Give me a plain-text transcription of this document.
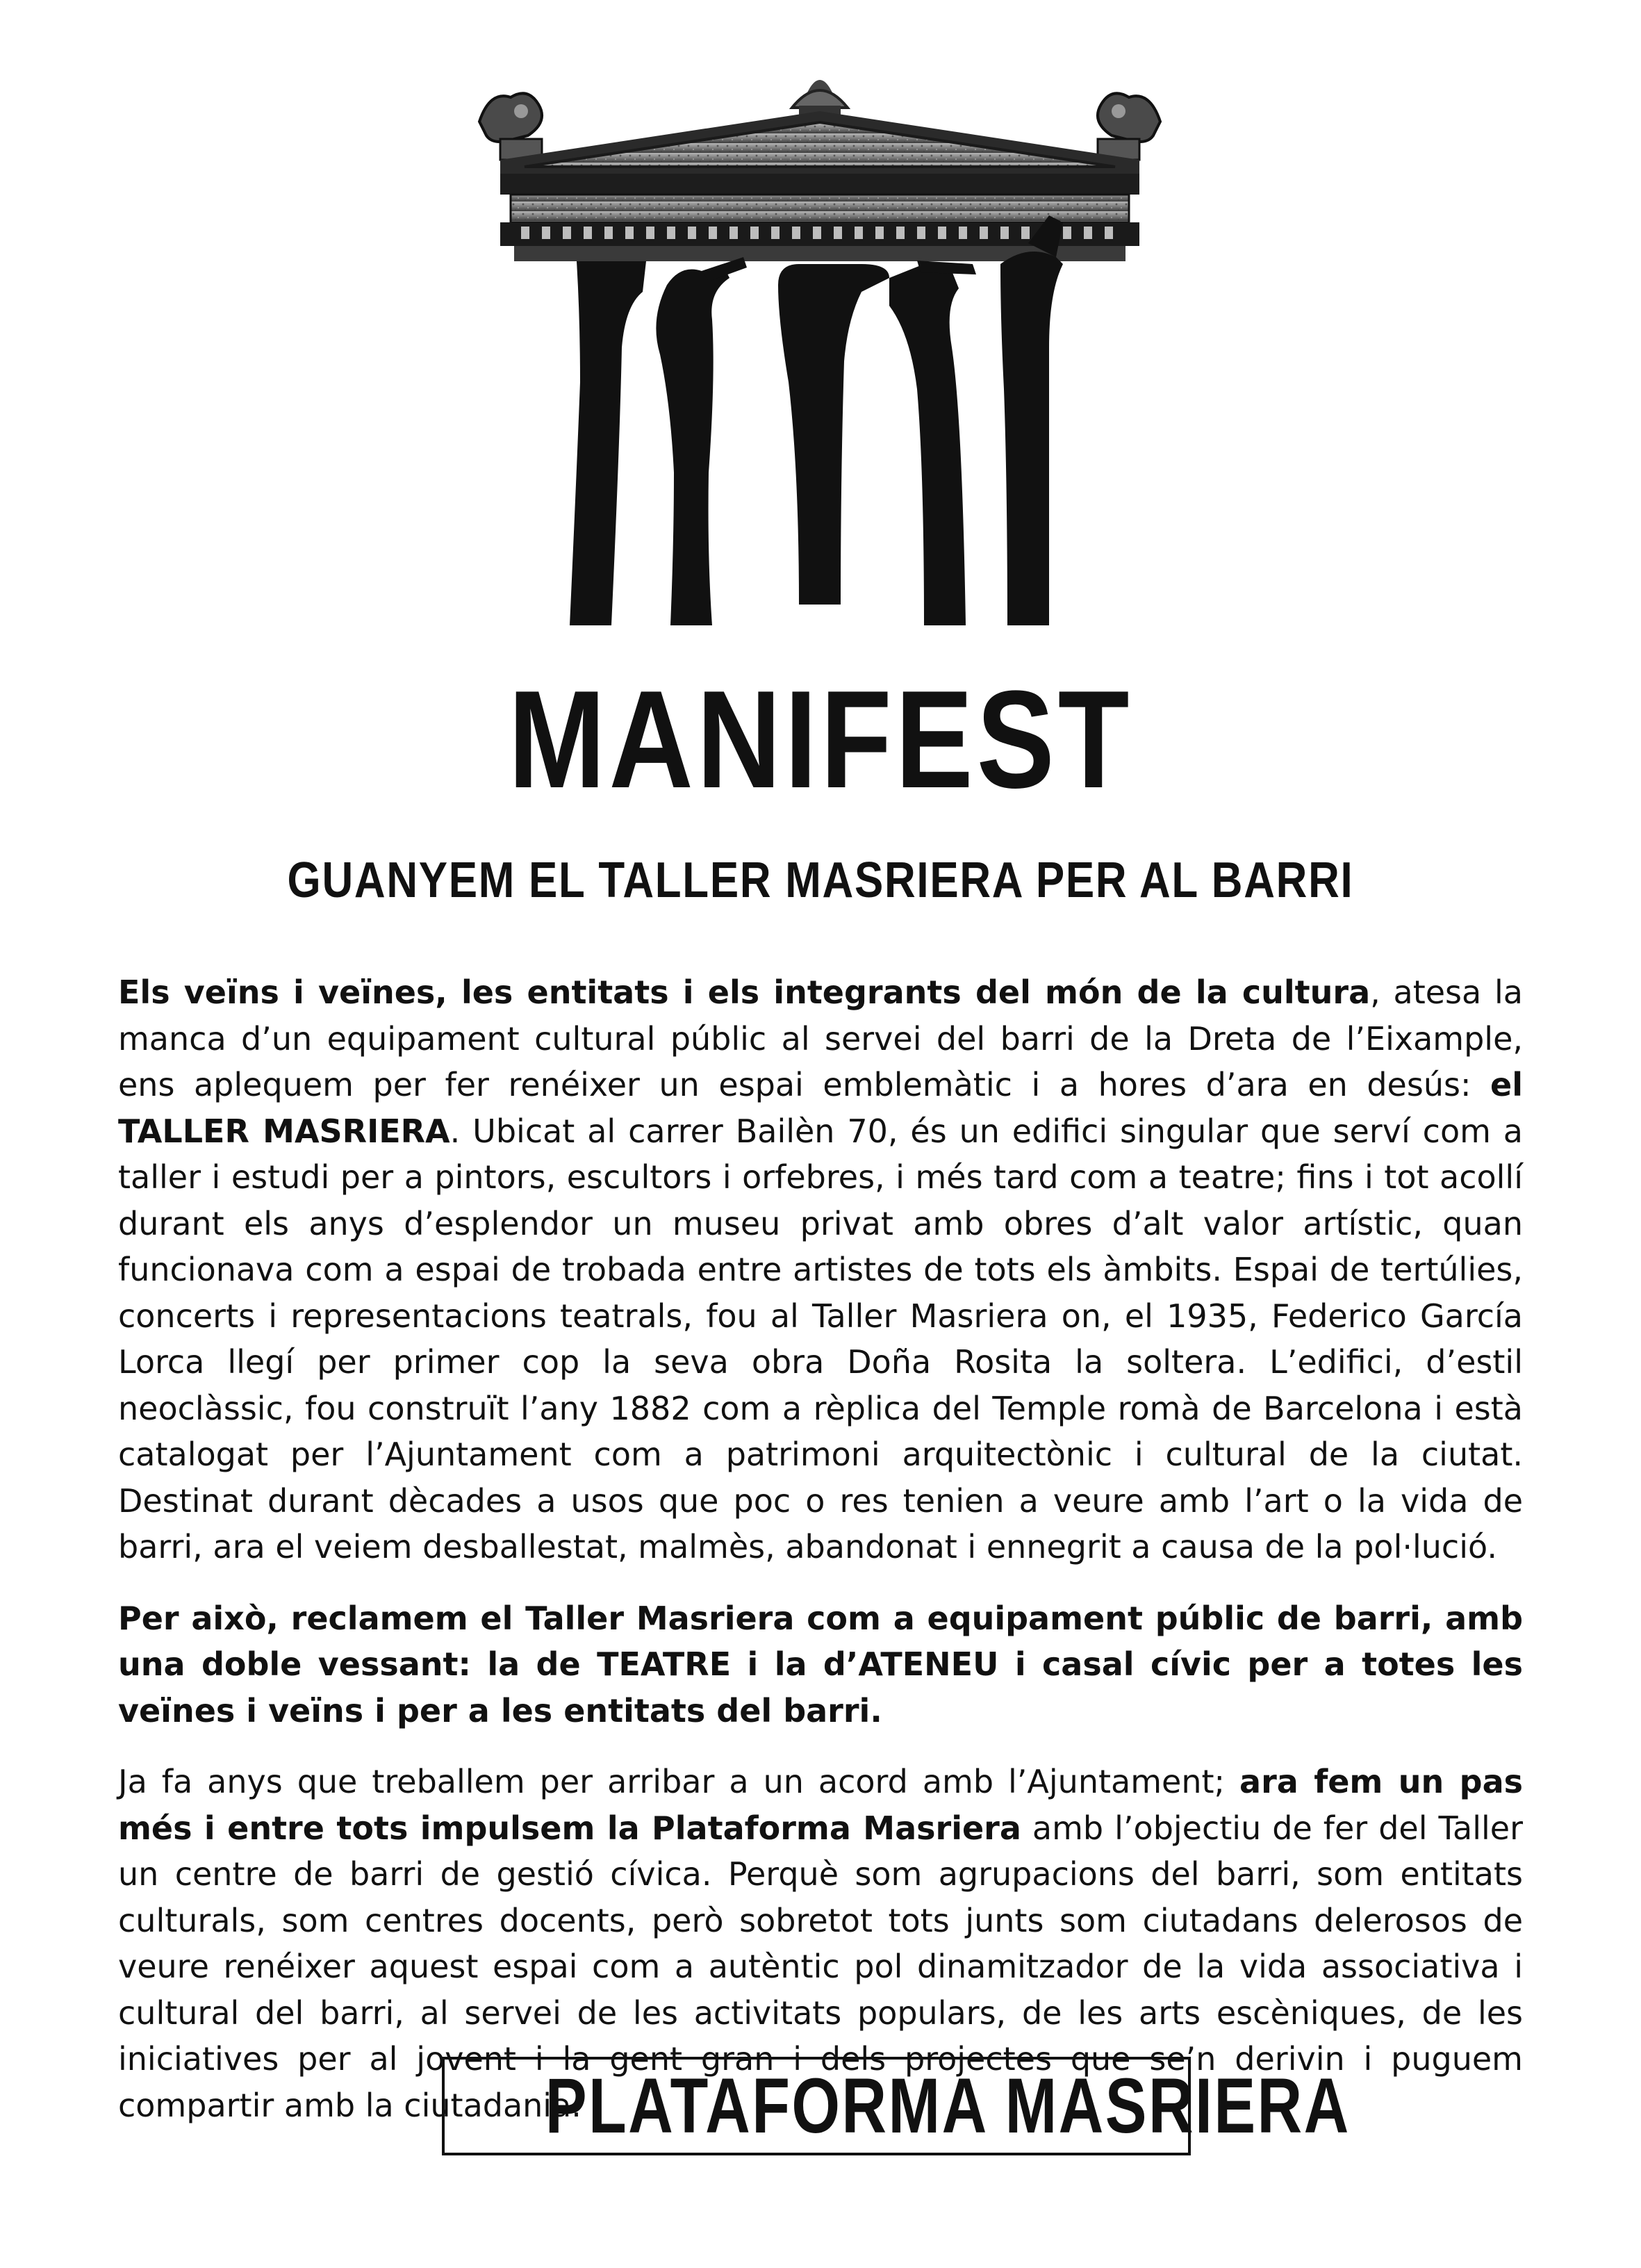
MANIFEST
GUANYEM EL TALLER MASRIERA PER AL BARRI

Els veïns i veïnes, les entitats i els integrants del món de la cultura, atesa la manca d’un equipament cultural públic al servei del barri de la Dreta de l’Eixample, ens aplequem per fer renéixer un espai emblemàtic i a hores d’ara en desús: el TALLER MASRIERA. Ubicat al carrer Bailèn 70, és un edifici singular que serví com a taller i estudi per a pintors, escultors i orfebres, i més tard com a teatre; fins i tot acollí durant els anys d’esplendor un museu privat amb obres d’alt valor artístic, quan funcionava com a espai de trobada entre artistes de tots els àmbits. Espai de tertúlies, concerts i representacions teatrals, fou al Taller Masriera on, el 1935, Federico García Lorca llegí per primer cop la seva obra Doña Rosita la soltera. L’edifici, d’estil neoclàssic, fou construït l’any 1882 com a rèplica del Temple romà de Barcelona i està catalogat per l’Ajuntament com a patrimoni arquitectònic i cultural de la ciutat. Destinat durant dècades a usos que poc o res tenien a veure amb l’art o la vida de barri, ara el veiem desballestat, malmès, abandonat i ennegrit a causa de la pol·lució.

Per això, reclamem el Taller Masriera com a equipament públic de barri, amb una doble vessant: la de TEATRE i la d’ATENEU i casal cívic per a totes les veïnes i veïns i per a les entitats del barri.

Ja fa anys que treballem per arribar a un acord amb l’Ajuntament; ara fem un pas més i entre tots impulsem la Plataforma Masriera amb l’objectiu de fer del Taller un centre de barri de gestió cívica. Perquè som agrupacions del barri, som entitats culturals, som centres docents, però sobretot tots junts som ciutadans delerosos de veure renéixer aquest espai com a autèntic pol dinamitzador de la vida associativa i cultural del barri, al servei de les activitats populars, de les arts escèniques, de les iniciatives per al jovent i la gent gran i dels projectes que se’n derivin i puguem compartir amb la ciutadania.

PLATAFORMA MASRIERA
